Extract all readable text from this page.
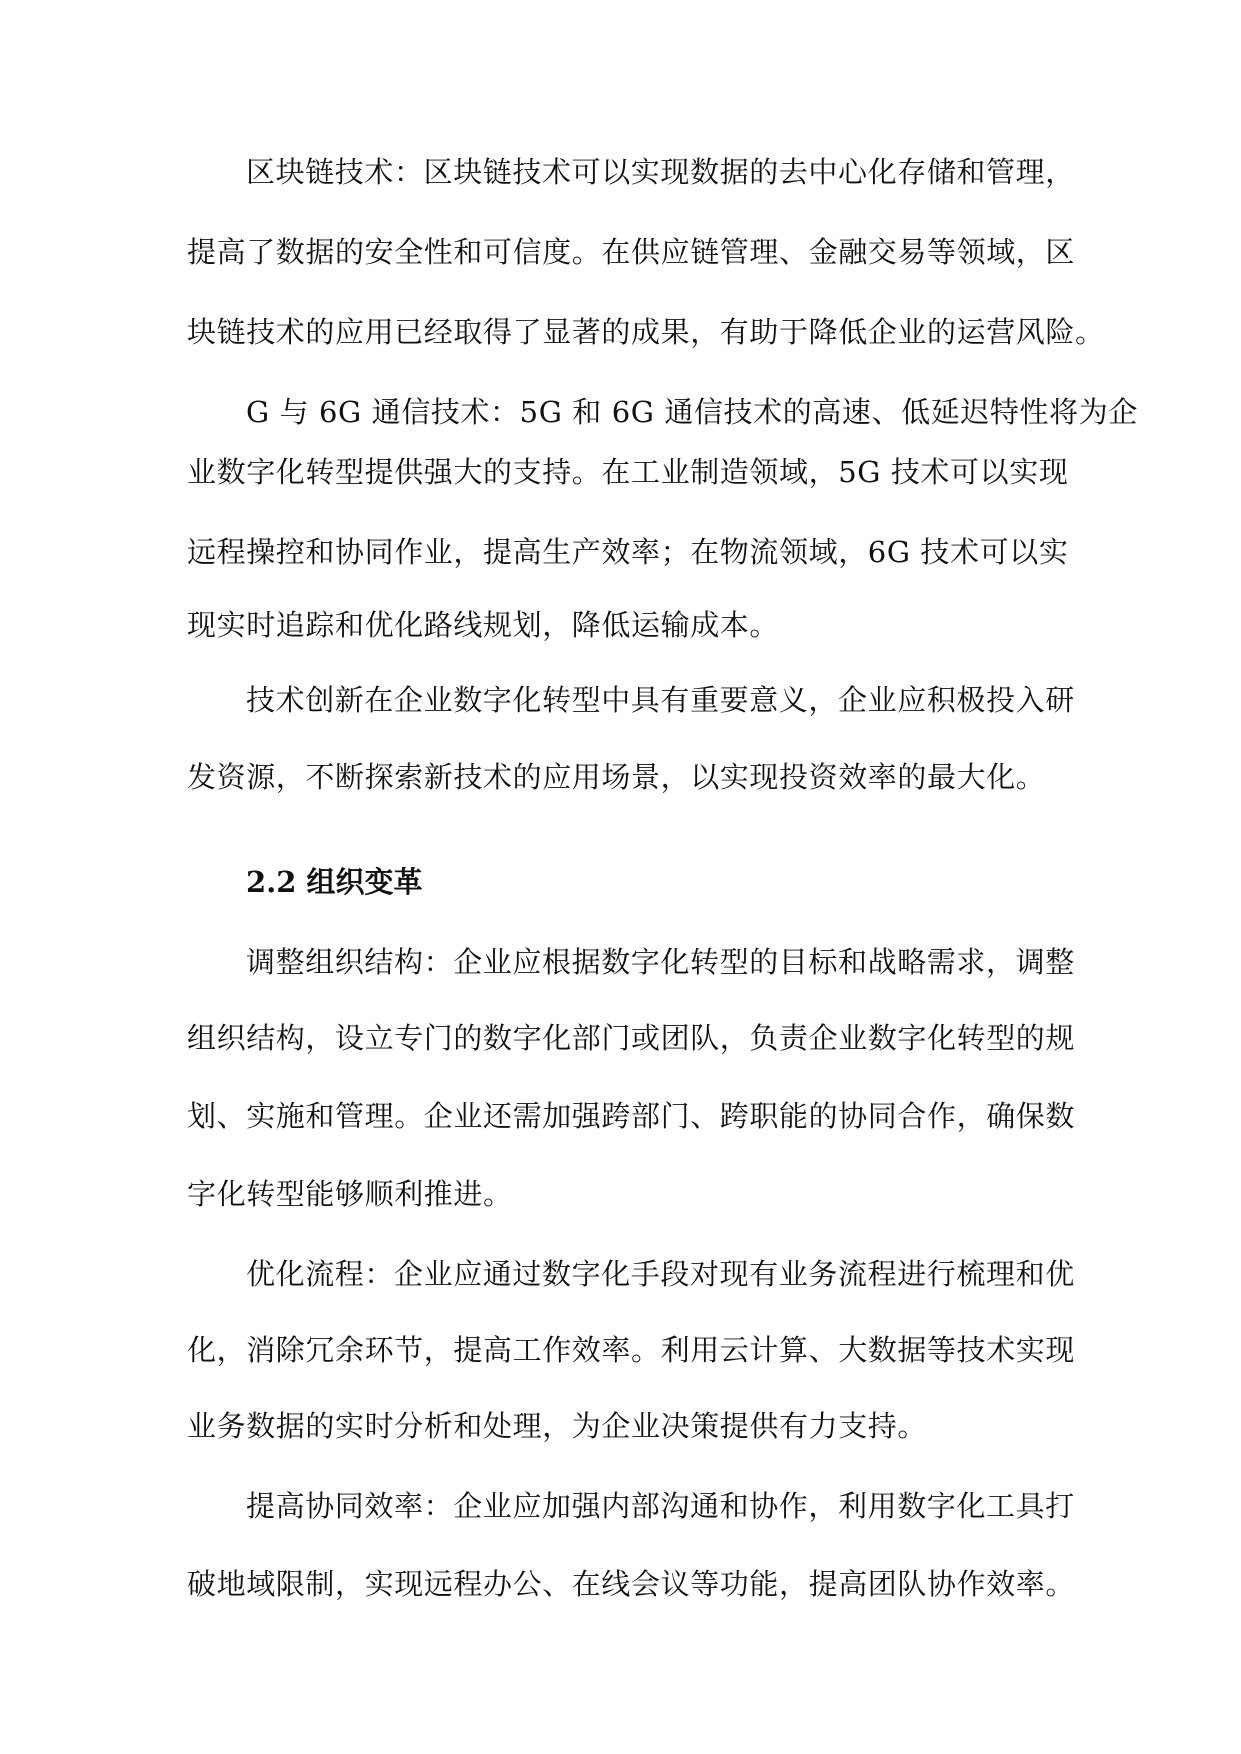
区块链技术：区块链技术可以实现数据的去中心化存储和管理，
提高了数据的安全性和可信度。在供应链管理、金融交易等领域，区
块链技术的应用已经取得了显著的成果，有助于降低企业的运营风险。
G 与 6G 通信技术：5G 和 6G 通信技术的高速、低延迟特性将为企
业数字化转型提供强大的支持。在工业制造领域，5G 技术可以实现
远程操控和协同作业，提高生产效率；在物流领域，6G 技术可以实
现实时追踪和优化路线规划，降低运输成本。
技术创新在企业数字化转型中具有重要意义，企业应积极投入研
发资源，不断探索新技术的应用场景，以实现投资效率的最大化。
2.2 组织变革
调整组织结构：企业应根据数字化转型的目标和战略需求，调整
组织结构，设立专门的数字化部门或团队，负责企业数字化转型的规
划、实施和管理。企业还需加强跨部门、跨职能的协同合作，确保数
字化转型能够顺利推进。
优化流程：企业应通过数字化手段对现有业务流程进行梳理和优
化，消除冗余环节，提高工作效率。利用云计算、大数据等技术实现
业务数据的实时分析和处理，为企业决策提供有力支持。
提高协同效率：企业应加强内部沟通和协作，利用数字化工具打
破地域限制，实现远程办公、在线会议等功能，提高团队协作效率。
